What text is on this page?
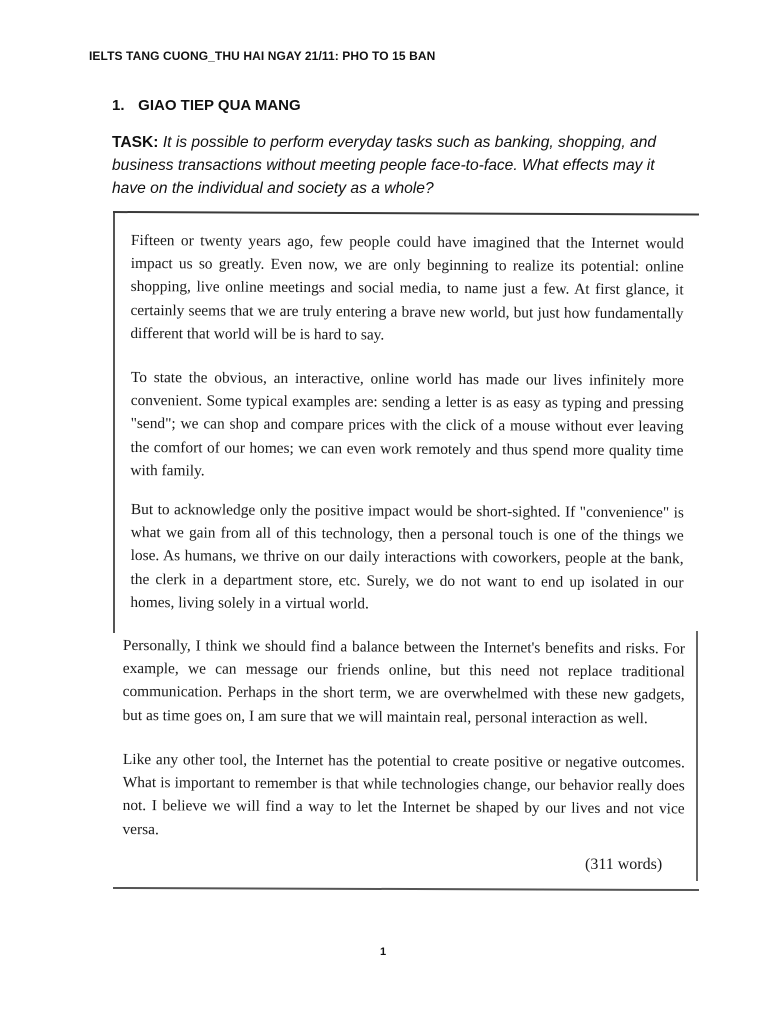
IELTS TANG CUONG_THU HAI NGAY 21/11: PHO TO 15 BAN
1. GIAO TIEP QUA MANG
TASK: It is possible to perform everyday tasks such as banking, shopping, and business transactions without meeting people face-to-face. What effects may it have on the individual and society as a whole?
Fifteen or twenty years ago, few people could have imagined that the Internet would impact us so greatly. Even now, we are only beginning to realize its potential: online shopping, live online meetings and social media, to name just a few. At first glance, it certainly seems that we are truly entering a brave new world, but just how fundamentally different that world will be is hard to say.
To state the obvious, an interactive, online world has made our lives infinitely more convenient. Some typical examples are: sending a letter is as easy as typing and pressing "send"; we can shop and compare prices with the click of a mouse without ever leaving the comfort of our homes; we can even work remotely and thus spend more quality time with family.
But to acknowledge only the positive impact would be short-sighted. If "convenience" is what we gain from all of this technology, then a personal touch is one of the things we lose. As humans, we thrive on our daily interactions with coworkers, people at the bank, the clerk in a department store, etc. Surely, we do not want to end up isolated in our homes, living solely in a virtual world.
Personally, I think we should find a balance between the Internet's benefits and risks. For example, we can message our friends online, but this need not replace traditional communication. Perhaps in the short term, we are overwhelmed with these new gadgets, but as time goes on, I am sure that we will maintain real, personal interaction as well.
Like any other tool, the Internet has the potential to create positive or negative outcomes. What is important to remember is that while technologies change, our behavior really does not. I believe we will find a way to let the Internet be shaped by our lives and not vice versa.
(311 words)
1
